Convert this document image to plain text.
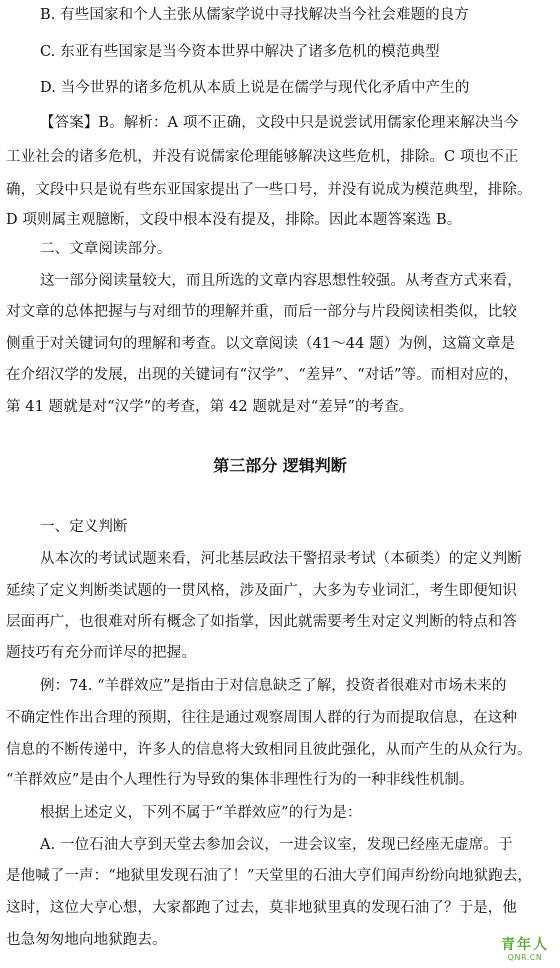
B. 有些国家和个人主张从儒家学说中寻找解决当今社会难题的良方
C. 东亚有些国家是当今资本世界中解决了诸多危机的模范典型
D. 当今世界的诸多危机从本质上说是在儒学与现代化矛盾中产生的
【答案】B。解析：A 项不正确，文段中只是说尝试用儒家伦理来解决当今
工业社会的诸多危机，并没有说儒家伦理能够解决这些危机，排除。C 项也不正
确，文段中只是说有些东亚国家提出了一些口号，并没有说成为模范典型，排除。
D 项则属主观臆断，文段中根本没有提及，排除。因此本题答案选 B。
二、文章阅读部分。
这一部分阅读量较大，而且所选的文章内容思想性较强。从考查方式来看，
对文章的总体把握与与对细节的理解并重，而后一部分与片段阅读相类似，比较
侧重于对关键词句的理解和考查。以文章阅读（41～44 题）为例，这篇文章是
在介绍汉学的发展，出现的关键词有“汉学”、“差异”、“对话”等。而相对应的，
第 41 题就是对“汉学”的考查，第 42 题就是对“差异”的考查。
第三部分 逻辑判断
一、定义判断
从本次的考试试题来看，河北基层政法干警招录考试（本硕类）的定义判断
延续了定义判断类试题的一贯风格，涉及面广，大多为专业词汇，考生即便知识
层面再广，也很难对所有概念了如指掌，因此就需要考生对定义判断的特点和答
题技巧有充分而详尽的把握。
例：74. “羊群效应”是指由于对信息缺乏了解，投资者很难对市场未来的
不确定性作出合理的预期，往往是通过观察周围人群的行为而提取信息，在这种
信息的不断传递中，许多人的信息将大致相同且彼此强化，从而产生的从众行为。
“羊群效应”是由个人理性行为导致的集体非理性行为的一种非线性机制。
根据上述定义，下列不属于“羊群效应”的行为是：
A. 一位石油大亨到天堂去参加会议，一进会议室，发现已经座无虚席。于
是他喊了一声：“地狱里发现石油了！”天堂里的石油大亨们闻声纷纷向地狱跑去，
这时，这位大亨心想，大家都跑了过去，莫非地狱里真的发现石油了？于是，他
也急匆匆地向地狱跑去。	青年人
QNR.CN
